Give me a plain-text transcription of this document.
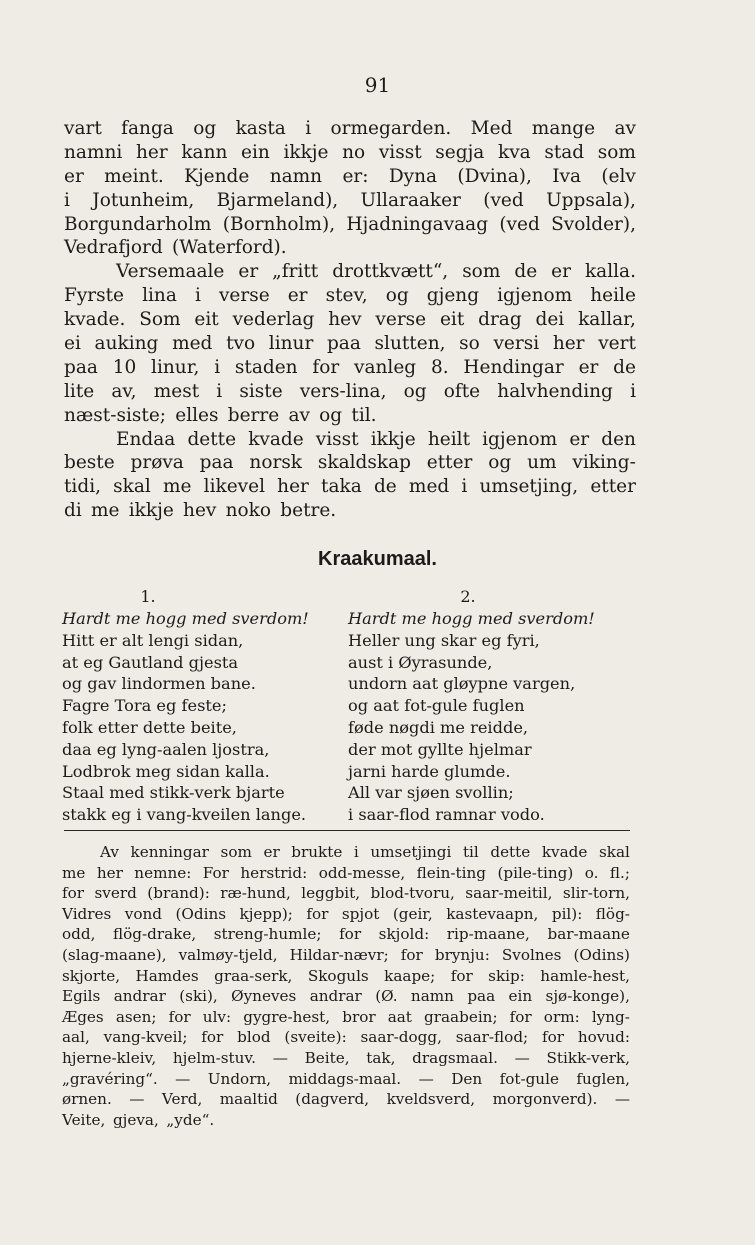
91
vart fanga og kasta i ormegarden. Med mange av
namni her kann ein ikkje no visst segja kva stad som
er meint. Kjende namn er: Dyna (Dvina), Iva (elv
i Jotunheim, Bjarmeland), Ullaraaker (ved Uppsala),
Borgundarholm (Bornholm), Hjadningavaag (ved Svolder),
Vedrafjord (Waterford).
Versemaale er „fritt drottkvætt“, som de er kalla.
Fyrste lina i verse er stev, og gjeng igjenom heile
kvade. Som eit vederlag hev verse eit drag dei kallar,
ei auking med tvo linur paa slutten, so versi her vert
paa 10 linur, i staden for vanleg 8. Hendingar er de
lite av, mest i siste vers-lina, og ofte halvhending i
næst-siste; elles berre av og til.
Endaa dette kvade visst ikkje heilt igjenom er den
beste prøva paa norsk skaldskap etter og um viking-
tidi, skal me likevel her taka de med i umsetjing, etter
di me ikkje hev noko betre.
Kraakumaal.
1.
Hardt me hogg med sverdom!
Hitt er alt lengi sidan,
at eg Gautland gjesta
og gav lindormen bane.
Fagre Tora eg feste;
folk etter dette beite,
daa eg lyng-aalen ljostra,
Lodbrok meg sidan kalla.
Staal med stikk-verk bjarte
stakk eg i vang-kveilen lange.
2.
Hardt me hogg med sverdom!
Heller ung skar eg fyri,
aust i Øyrasunde,
undorn aat gløypne vargen,
og aat fot-gule fuglen
føde nøgdi me reidde,
der mot gyllte hjelmar
jarni harde glumde.
All var sjøen svollin;
i saar-flod ramnar vodo.
Av kenningar som er brukte i umsetjingi til dette kvade skal
me her nemne: For herstrid: odd-messe, flein-ting (pile-ting) o. fl.;
for sverd (brand): ræ-hund, leggbit, blod-tvoru, saar-meitil, slir-torn,
Vidres vond (Odins kjepp); for spjot (geir, kastevaapn, pil): flög-
odd, flög-drake, streng-humle; for skjold: rip-maane, bar-maane
(slag-maane), valmøy-tjeld, Hildar-nævr; for brynju: Svolnes (Odins)
skjorte, Hamdes graa-serk, Skoguls kaape; for skip: hamle-hest,
Egils andrar (ski), Øyneves andrar (Ø. namn paa ein sjø-konge),
Æges asen; for ulv: gygre-hest, bror aat graabein; for orm: lyng-
aal, vang-kveil; for blod (sveite): saar-dogg, saar-flod; for hovud:
hjerne-kleiv, hjelm-stuv. — Beite, tak, dragsmaal. — Stikk-verk,
„gravéring“. — Undorn, middags-maal. — Den fot-gule fuglen,
ørnen. — Verd, maaltid (dagverd, kveldsverd, morgonverd). —
Veite, gjeva, „yde“.
